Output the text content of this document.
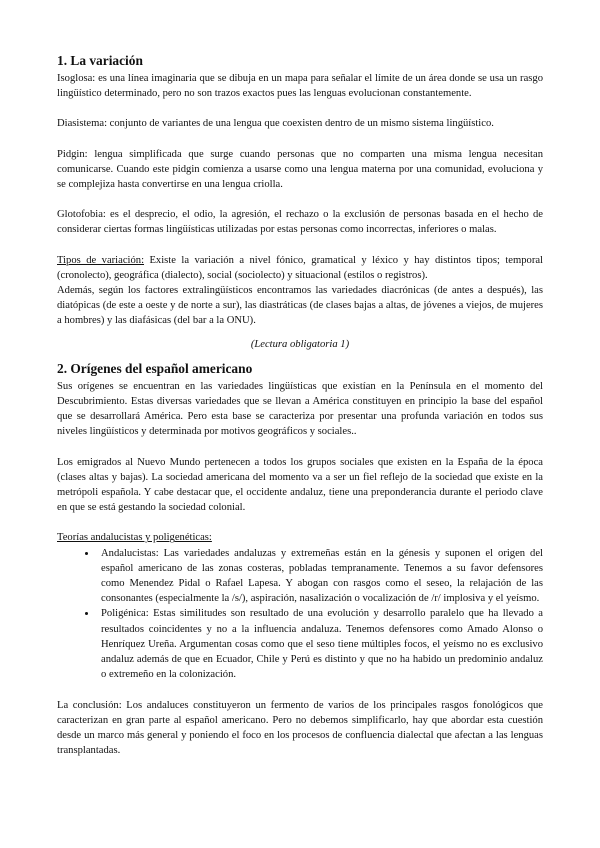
1. La variación

Isoglosa: es una línea imaginaria que se dibuja en un mapa para señalar el límite de un área donde se usa un rasgo lingüístico determinado, pero no son trazos exactos pues las lenguas evolucionan constantemente.

Diasistema: conjunto de variantes de una lengua que coexisten dentro de un mismo sistema lingüístico.

Pidgin: lengua simplificada que surge cuando personas que no comparten una misma lengua necesitan comunicarse. Cuando este pidgin comienza a usarse como una lengua materna por una comunidad, evoluciona y se complejiza hasta convertirse en una lengua criolla.

Glotofobia: es el desprecio, el odio, la agresión, el rechazo o la exclusión de personas basada en el hecho de considerar ciertas formas lingüísticas utilizadas por estas personas como incorrectas, inferiores o malas.

Tipos de variación: Existe la variación a nivel fónico, gramatical y léxico y hay distintos tipos; temporal (cronolecto), geográfica (dialecto), social (sociolecto) y situacional (estilos o registros).

Además, según los factores extralingüísticos encontramos las variedades diacrónicas (de antes a después), las diatópicas (de este a oeste y de norte a sur), las diastráticas (de clases bajas a altas, de jóvenes a viejos, de mujeres a hombres) y las diafásicas (del bar a la ONU).

(Lectura obligatoria 1)

2. Orígenes del español americano

Sus orígenes se encuentran en las variedades lingüísticas que existían en la Península en el momento del Descubrimiento. Estas diversas variedades que se llevan a América constituyen en principio la base del español que se desarrollará América. Pero esta base se caracteriza por presentar una profunda variación en todos sus niveles lingüísticos y determinada por motivos geográficos y sociales..

Los emigrados al Nuevo Mundo pertenecen a todos los grupos sociales que existen en la España de la época (clases altas y bajas). La sociedad americana del momento va a ser un fiel reflejo de la sociedad que existe en la metrópoli española. Y cabe destacar que, el occidente andaluz, tiene una preponderancia durante el periodo clave en que se está gestando la sociedad colonial.

Teorías andalucistas y poligenéticas:

• Andalucistas: Las variedades andaluzas y extremeñas están en la génesis y suponen el origen del español americano de las zonas costeras, pobladas tempranamente. Tenemos a su favor defensores como Menendez Pidal o Rafael Lapesa. Y abogan con rasgos como el seseo, la relajación de las consonantes (especialmente la /s/), aspiración, nasalización o vocalización de /r/ implosiva y el yeísmo.
• Poligénica: Estas similitudes son resultado de una evolución y desarrollo paralelo que ha llevado a resultados coincidentes y no a la influencia andaluza. Tenemos defensores como Amado Alonso o Henríquez Ureña. Argumentan cosas como que el seso tiene múltiples focos, el yeísmo no es exclusivo andaluz además de que en Ecuador, Chile y Perú es distinto y que no ha habido un predominio andaluz o extremeño en la colonización.

La conclusión: Los andaluces constituyeron un fermento de varios de los principales rasgos fonológicos que caracterizan en gran parte al español americano. Pero no debemos simplificarlo, hay que abordar esta cuestión desde un marco más general y poniendo el foco en los procesos de confluencia dialectal que afectan a las lenguas transplantadas.
